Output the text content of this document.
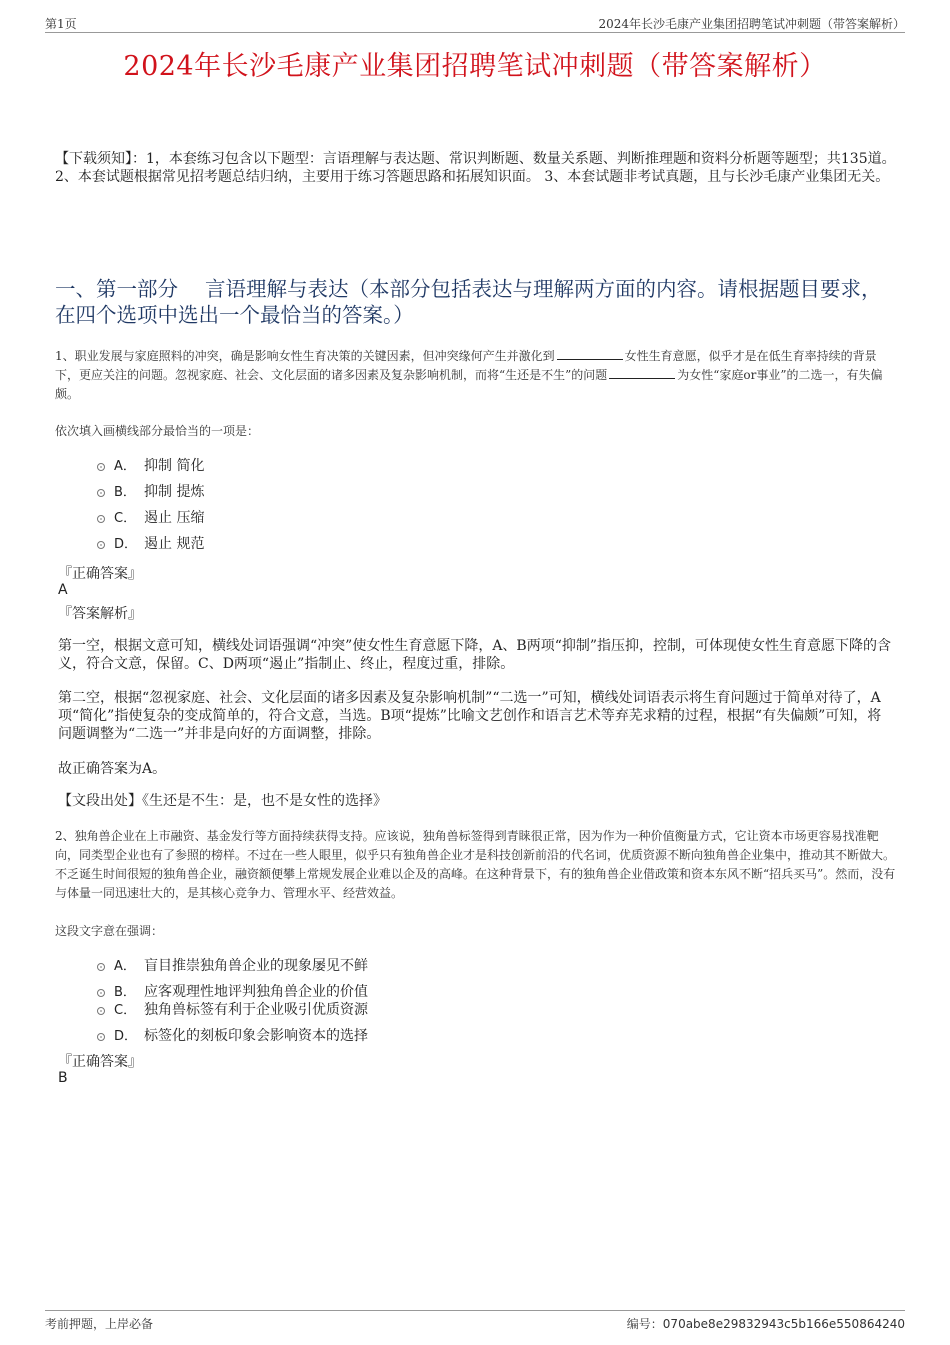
第1页	2024年长沙毛康产业集团招聘笔试冲刺题（带答案解析）
2024年长沙毛康产业集团招聘笔试冲刺题（带答案解析）
【下载须知】：1，本套练习包含以下题型：言语理解与表达题、常识判断题、数量关系题、判断推理题和资料分析题等题型；共135道。 2、本套试题根据常见招考题总结归纳，主要用于练习答题思路和拓展知识面。 3、本套试题非考试真题，且与长沙毛康产业集团无关。
一、第一部分　 言语理解与表达（本部分包括表达与理解两方面的内容。请根据题目要求，在四个选项中选出一个最恰当的答案。）
1、职业发展与家庭照料的冲突，确是影响女性生育决策的关键因素，但冲突缘何产生并激化到	女性生育意愿，似乎才是在低生育率持续的背景下，更应关注的问题。忽视家庭、社会、文化层面的诸多因素及复杂影响机制，而将“生还是不生”的问题	为女性“家庭or事业”的二选一，有失偏颇。
依次填入画横线部分最恰当的一项是：
A． 抑制 简化
B． 抑制 提炼
C． 遏止 压缩
D． 遏止 规范
『正确答案』
A
『答案解析』
第一空，根据文意可知，横线处词语强调“冲突”使女性生育意愿下降，A、B两项“抑制”指压抑，控制，可体现使女性生育意愿下降的含义，符合文意，保留。C、D两项“遏止”指制止、终止，程度过重，排除。
第二空，根据“忽视家庭、社会、文化层面的诸多因素及复杂影响机制”“二选一”可知，横线处词语表示将生育问题过于简单对待了，A项“简化”指使复杂的变成简单的，符合文意，当选。B项“提炼”比喻文艺创作和语言艺术等弃芜求精的过程，根据“有失偏颇”可知，将问题调整为“二选一”并非是向好的方面调整，排除。
故正确答案为A。
【文段出处】《生还是不生：是，也不是女性的选择》
2、独角兽企业在上市融资、基金发行等方面持续获得支持。应该说，独角兽标签得到青睐很正常，因为作为一种价值衡量方式，它让资本市场更容易找准靶向，同类型企业也有了参照的榜样。不过在一些人眼里，似乎只有独角兽企业才是科技创新前沿的代名词，优质资源不断向独角兽企业集中，推动其不断做大。不乏诞生时间很短的独角兽企业，融资额便攀上常规发展企业难以企及的高峰。在这种背景下，有的独角兽企业借政策和资本东风不断“招兵买马”。然而，没有与体量一同迅速壮大的，是其核心竞争力、管理水平、经营效益。
这段文字意在强调：
A． 盲目推崇独角兽企业的现象屡见不鲜
B． 应客观理性地评判独角兽企业的价值
C． 独角兽标签有利于企业吸引优质资源
D． 标签化的刻板印象会影响资本的选择
『正确答案』
B
考前押题，上岸必备	编号：070abe8e29832943c5b166e550864240
